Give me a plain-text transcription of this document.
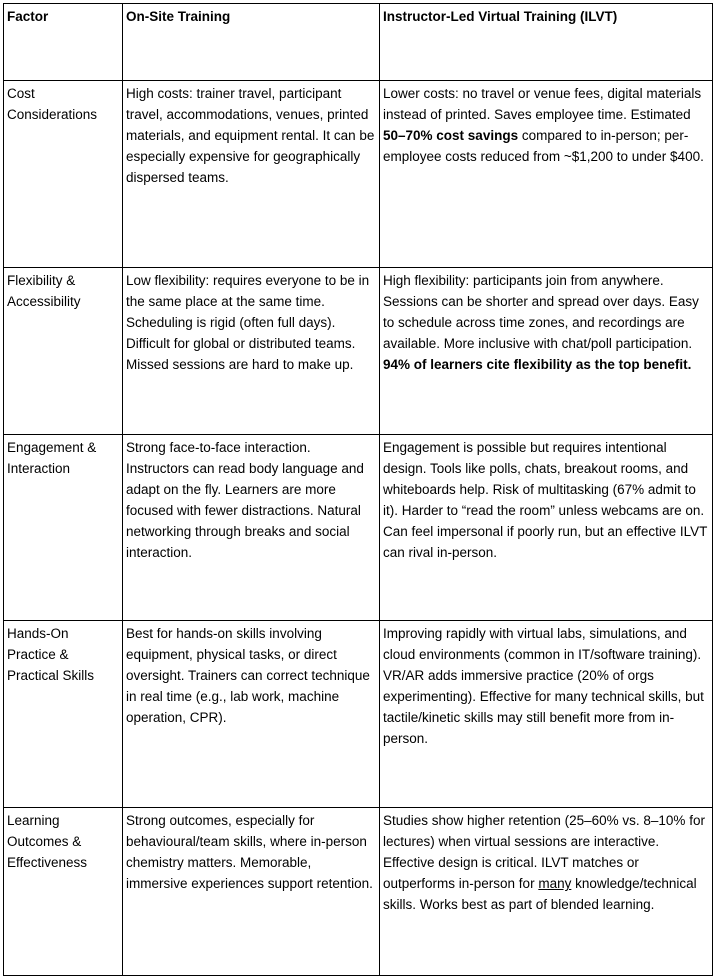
Factor	On-Site Training	Instructor-Led Virtual Training (ILVT)
Cost Considerations	High costs: trainer travel, participant travel, accommodations, venues, printed materials, and equipment rental. It can be especially expensive for geographically dispersed teams.	Lower costs: no travel or venue fees, digital materials instead of printed. Saves employee time. Estimated 50–70% cost savings compared to in-person; per-employee costs reduced from ~$1,200 to under $400.
Flexibility & Accessibility	Low flexibility: requires everyone to be in the same place at the same time. Scheduling is rigid (often full days). Difficult for global or distributed teams. Missed sessions are hard to make up.	High flexibility: participants join from anywhere. Sessions can be shorter and spread over days. Easy to schedule across time zones, and recordings are available. More inclusive with chat/poll participation. 94% of learners cite flexibility as the top benefit.
Engagement & Interaction	Strong face-to-face interaction. Instructors can read body language and adapt on the fly. Learners are more focused with fewer distractions. Natural networking through breaks and social interaction.	Engagement is possible but requires intentional design. Tools like polls, chats, breakout rooms, and whiteboards help. Risk of multitasking (67% admit to it). Harder to “read the room” unless webcams are on. Can feel impersonal if poorly run, but an effective ILVT can rival in-person.
Hands-On Practice & Practical Skills	Best for hands-on skills involving equipment, physical tasks, or direct oversight. Trainers can correct technique in real time (e.g., lab work, machine operation, CPR).	Improving rapidly with virtual labs, simulations, and cloud environments (common in IT/software training). VR/AR adds immersive practice (20% of orgs experimenting). Effective for many technical skills, but tactile/kinetic skills may still benefit more from in-person.
Learning Outcomes & Effectiveness	Strong outcomes, especially for behavioural/team skills, where in-person chemistry matters. Memorable, immersive experiences support retention.	Studies show higher retention (25–60% vs. 8–10% for lectures) when virtual sessions are interactive. Effective design is critical. ILVT matches or outperforms in-person for many knowledge/technical skills. Works best as part of blended learning.
